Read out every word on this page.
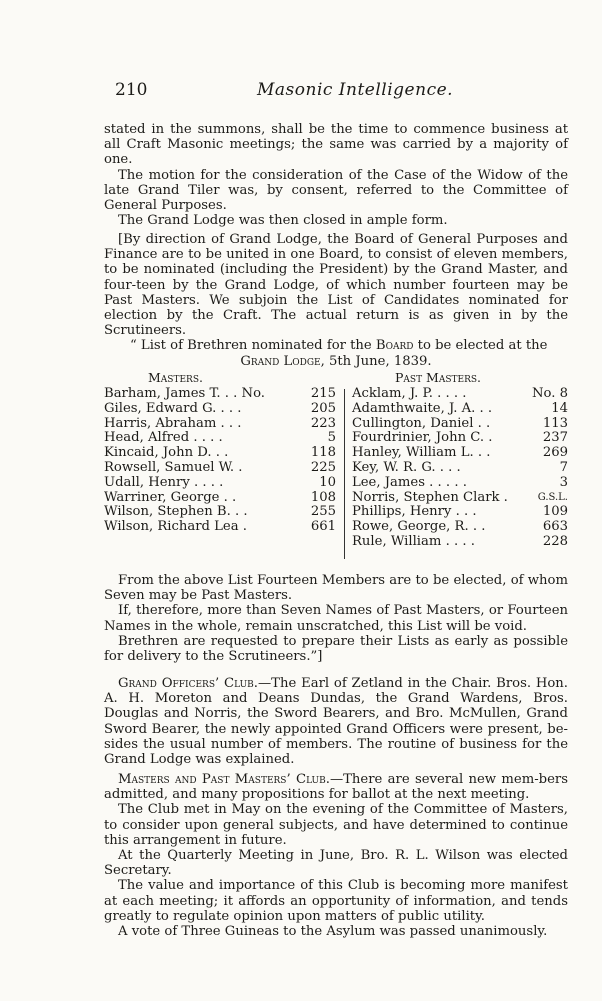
210	Masonic Intelligence.

stated in the summons, shall be the time to commence business at all Craft Masonic meetings; the same was carried by a majority of one.

The motion for the consideration of the Case of the Widow of the late Grand Tiler was, by consent, referred to the Committee of General Purposes.

The Grand Lodge was then closed in ample form.

[By direction of Grand Lodge, the Board of General Purposes and Finance are to be united in one Board, to consist of eleven members, to be nominated (including the President) by the Grand Master, and four-teen by the Grand Lodge, of which number fourteen may be Past Masters. We subjoin the List of Candidates nominated for election by the Craft. The actual return is as given in by the Scrutineers.

“ List of Brethren nominated for the Board to be elected at the

Grand Lodge, 5th June, 1839.

Masters.	Past Masters.
Barham, James T. . . No.	215
Giles, Edward G. . . .	205
Harris, Abraham . . .	223
Head, Alfred . . . .	5
Kincaid, John D. . .	118
Rowsell, Samuel W. .	225
Udall, Henry . . . .	10
Warriner, George . .	108
Wilson, Stephen B. . .	255
Wilson, Richard Lea .	661
Acklam, J. P. . . . .	No. 8
Adamthwaite, J. A. . .	14
Cullington, Daniel . .	113
Fourdrinier, John C. .	237
Hanley, William L. . .	269
Key, W. R. G. . . .	7
Lee, James . . . . .	3
Norris, Stephen Clark .	G.S.L.
Phillips, Henry . . .	109
Rowe, George, R. . .	663
Rule, William . . . .	228

From the above List Fourteen Members are to be elected, of whom Seven may be Past Masters.

If, therefore, more than Seven Names of Past Masters, or Fourteen Names in the whole, remain unscratched, this List will be void.

Brethren are requested to prepare their Lists as early as possible for delivery to the Scrutineers.”]

Grand Officers’ Club.—The Earl of Zetland in the Chair. Bros. Hon. A. H. Moreton and Deans Dundas, the Grand Wardens, Bros. Douglas and Norris, the Sword Bearers, and Bro. McMullen, Grand Sword Bearer, the newly appointed Grand Officers were present, be-sides the usual number of members. The routine of business for the Grand Lodge was explained.

Masters and Past Masters’ Club.—There are several new mem-bers admitted, and many propositions for ballot at the next meeting.

The Club met in May on the evening of the Committee of Masters, to consider upon general subjects, and have determined to continue this arrangement in future.

At the Quarterly Meeting in June, Bro. R. L. Wilson was elected Secretary.

The value and importance of this Club is becoming more manifest at each meeting; it affords an opportunity of information, and tends greatly to regulate opinion upon matters of public utility.

A vote of Three Guineas to the Asylum was passed unanimously.
